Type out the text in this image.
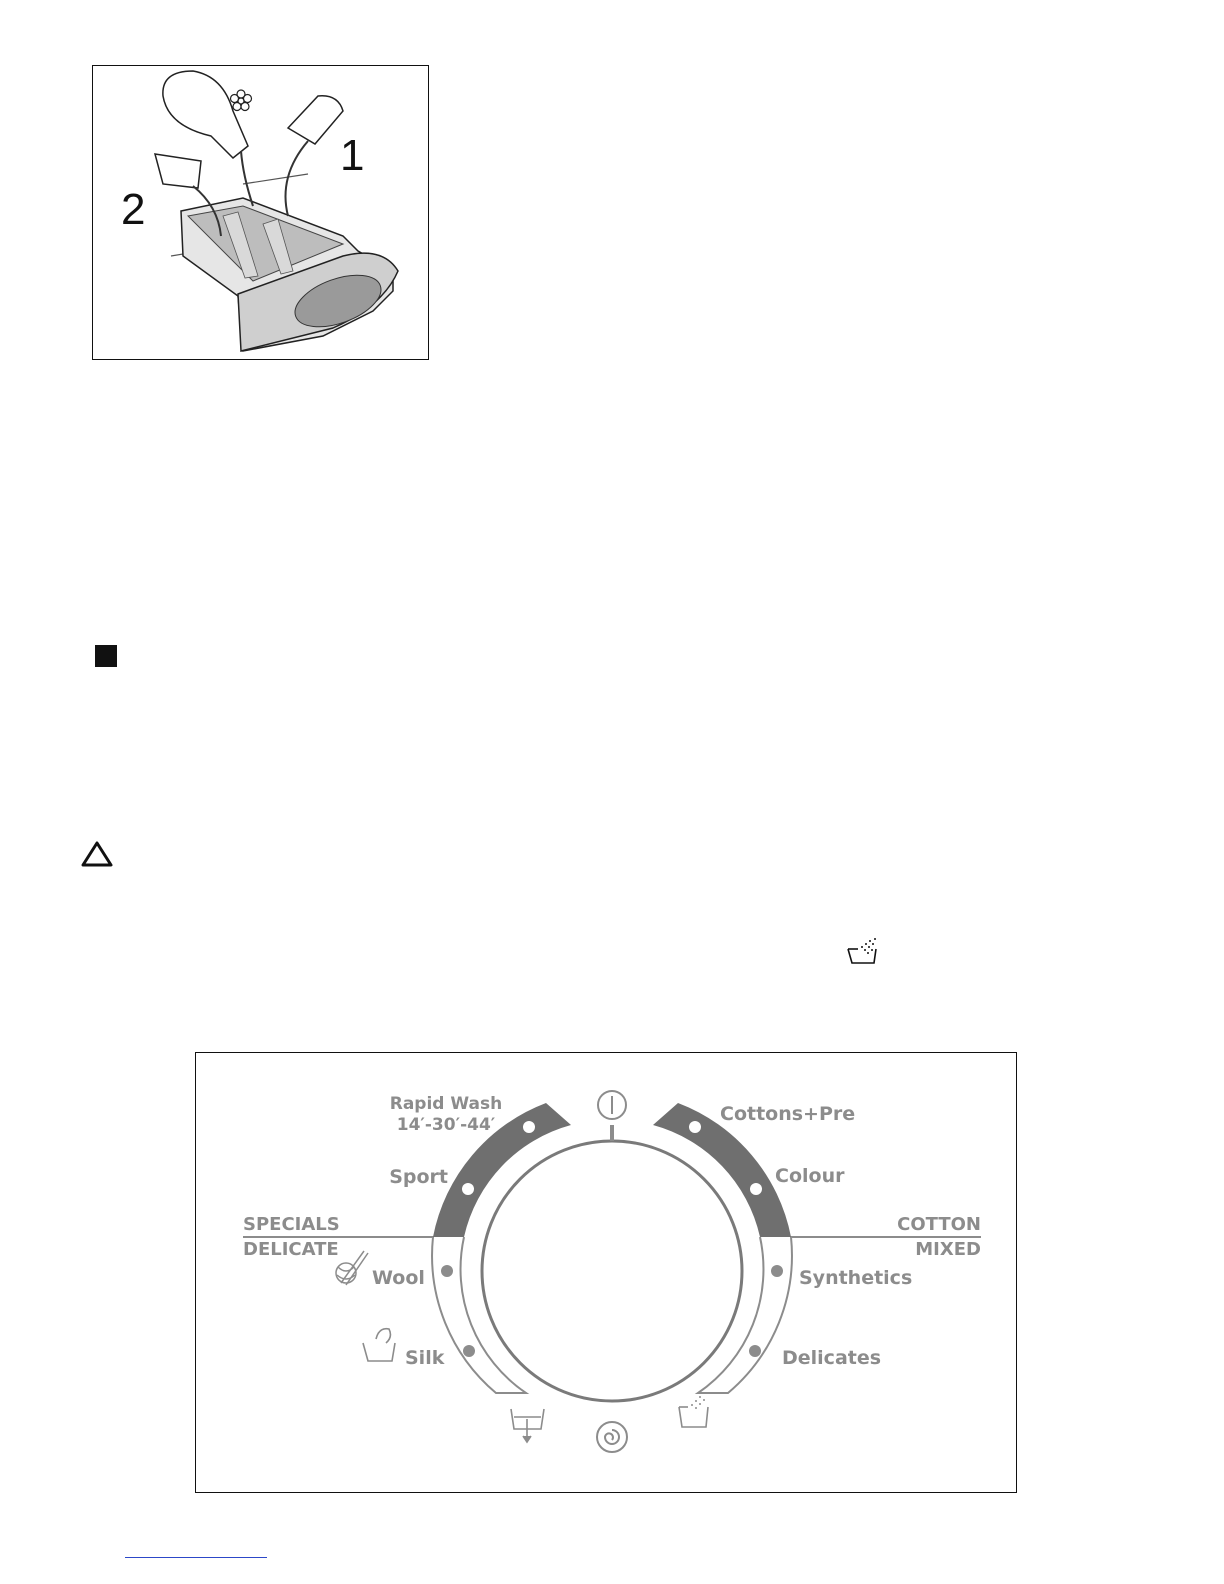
1
2
SPECIALS
DELICATE
COTTON
MIXED
Rapid Wash
14′-30′-44′
Sport
Wool
Silk
Cottons+Pre
Colour
Synthetics
Delicates
